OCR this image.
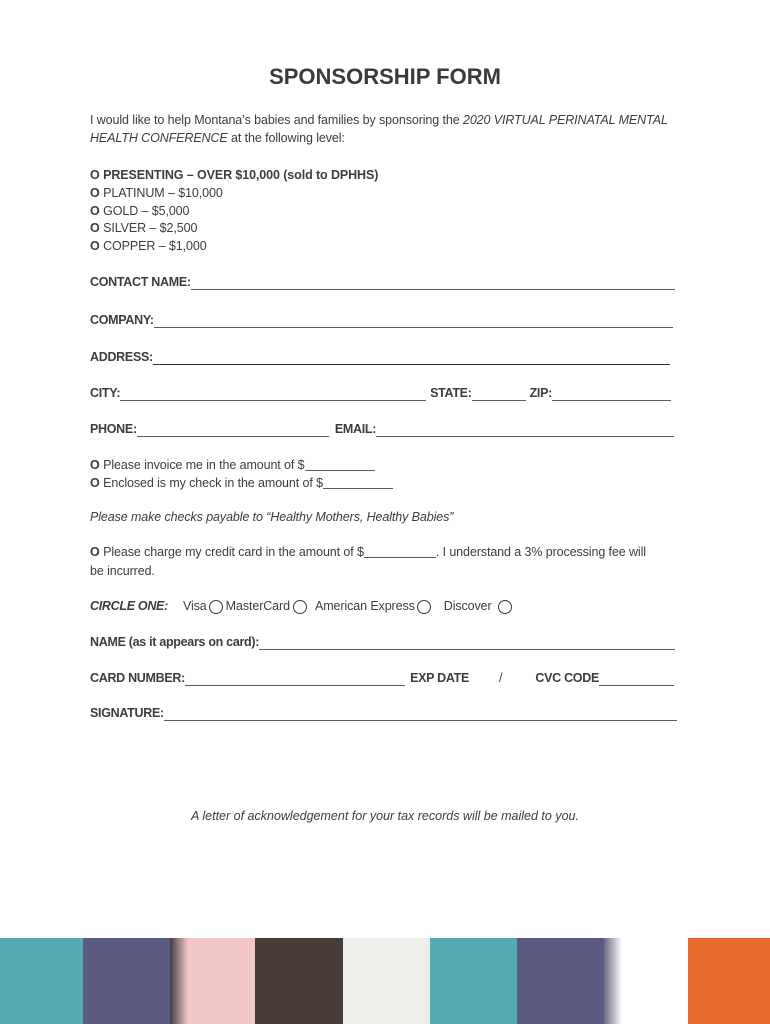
SPONSORSHIP FORM

I would like to help Montana’s babies and families by sponsoring the 2020 VIRTUAL PERINATAL MENTAL HEALTH CONFERENCE at the following level:

O PRESENTING – OVER $10,000 (sold to DPHHS)
O PLATINUM – $10,000
O GOLD – $5,000
O SILVER – $2,500
O COPPER – $1,000
CONTACT NAME:
COMPANY:
ADDRESS:
CITY:	STATE:	ZIP:
PHONE:	EMAIL:
O Please invoice me in the amount of $
O Enclosed is my check in the amount of $
Please make checks payable to “Healthy Mothers, Healthy Babies”

O Please charge my credit card in the amount of $	. I understand a 3% processing fee will be incurred.

CIRCLE ONE: Visa MasterCard American Express Discover
NAME (as it appears on card):
CARD NUMBER:	EXP DATE /	CVC CODE
SIGNATURE:
A letter of acknowledgement for your tax records will be mailed to you.
